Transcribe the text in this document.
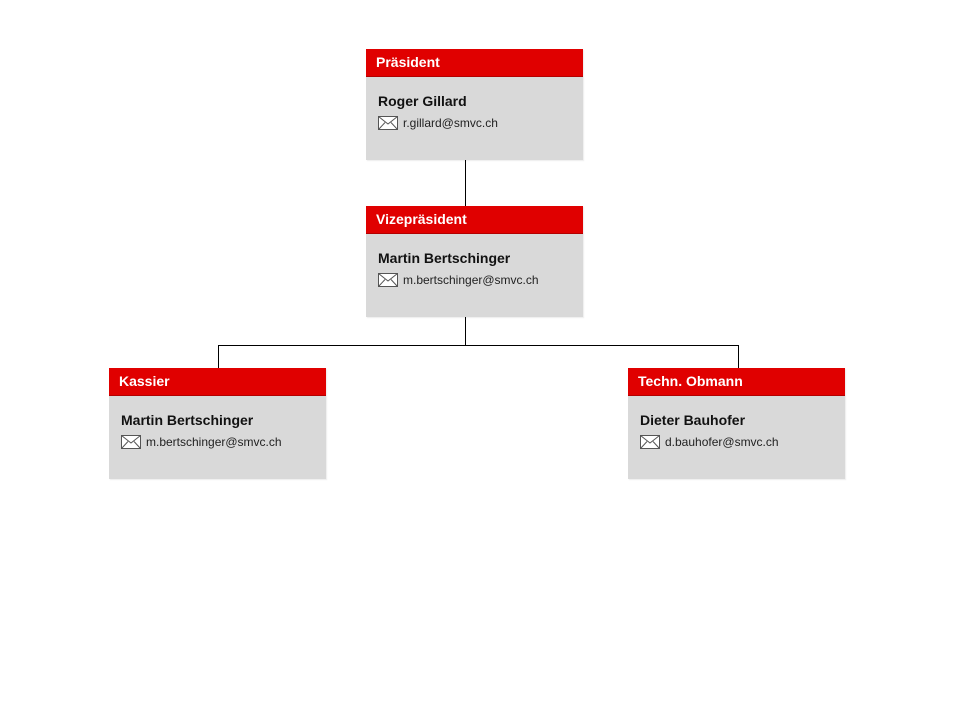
Präsident
Roger Gillard
r.gillard@smvc.ch
Vizepräsident
Martin Bertschinger
m.bertschinger@smvc.ch
Kassier
Martin Bertschinger
m.bertschinger@smvc.ch
Techn. Obmann
Dieter Bauhofer
d.bauhofer@smvc.ch
